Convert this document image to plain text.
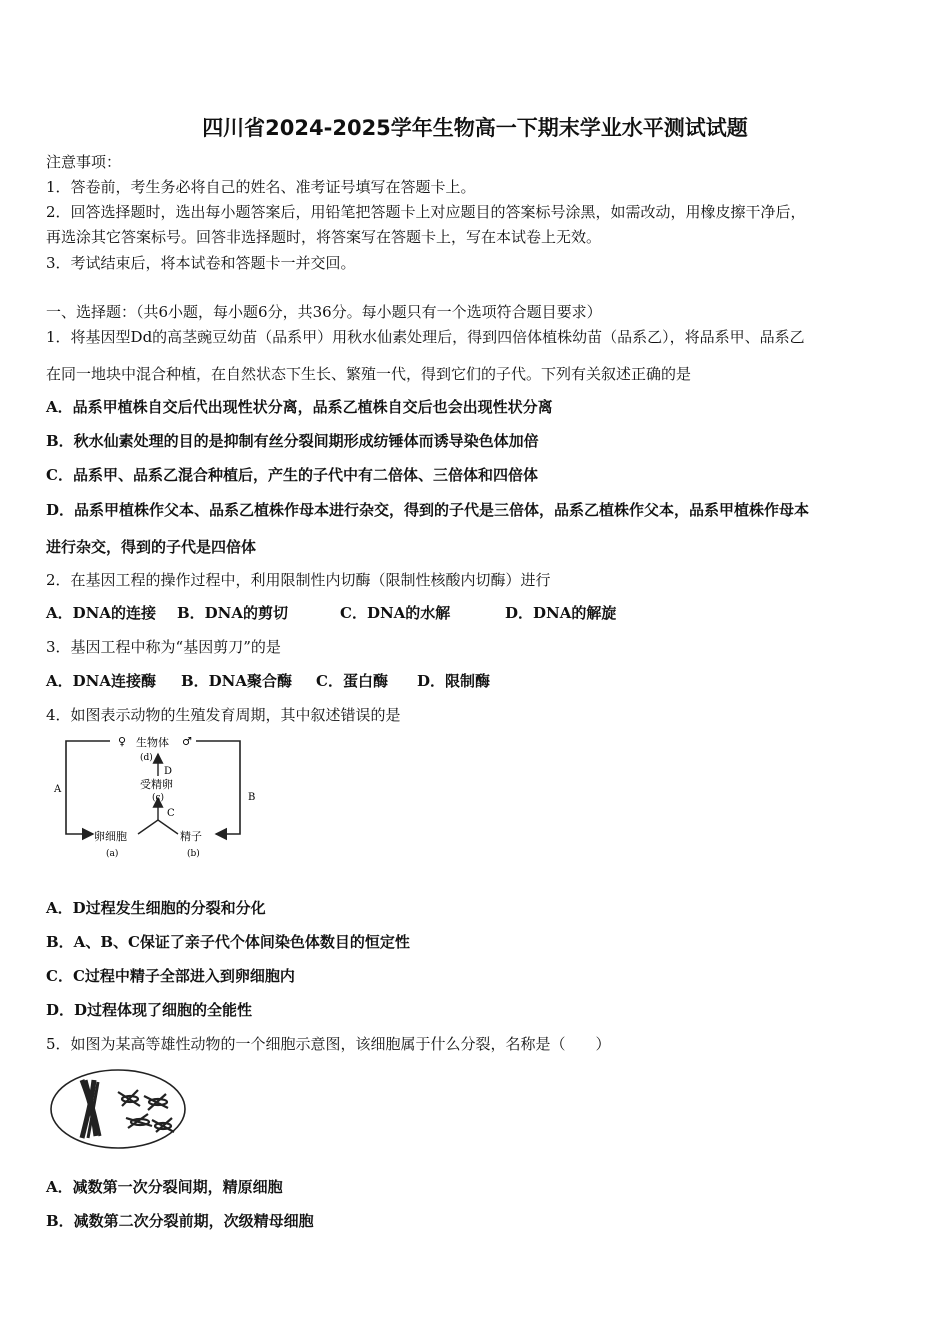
四川省2024-2025学年生物高一下期末学业水平测试试题
注意事项：
1．答卷前，考生务必将自己的姓名、准考证号填写在答题卡上。
2．回答选择题时，选出每小题答案后，用铅笔把答题卡上对应题目的答案标号涂黑，如需改动，用橡皮擦干净后，
再选涂其它答案标号。回答非选择题时，将答案写在答题卡上，写在本试卷上无效。
3．考试结束后，将本试卷和答题卡一并交回。
一、选择题：（共6小题，每小题6分，共36分。每小题只有一个选项符合题目要求）
1．将基因型Dd的高茎豌豆幼苗（品系甲）用秋水仙素处理后，得到四倍体植株幼苗（品系乙），将品系甲、品系乙
在同一地块中混合种植，在自然状态下生长、繁殖一代，得到它们的子代。下列有关叙述正确的是
A．品系甲植株自交后代出现性状分离，品系乙植株自交后也会出现性状分离
B．秋水仙素处理的目的是抑制有丝分裂间期形成纺锤体而诱导染色体加倍
C．品系甲、品系乙混合种植后，产生的子代中有二倍体、三倍体和四倍体
D．品系甲植株作父本、品系乙植株作母本进行杂交，得到的子代是三倍体，品系乙植株作父本，品系甲植株作母本
进行杂交，得到的子代是四倍体
2．在基因工程的操作过程中，利用限制性内切酶（限制性核酸内切酶）进行
A．DNA的连接 B．DNA的剪切	C．DNA的水解	D．DNA的解旋
3．基因工程中称为“基因剪刀”的是
A．DNA连接酶 B．DNA聚合酶 C．蛋白酶 D．限制酶
4．如图表示动物的生殖发育周期，其中叙述错误的是
♀ 生物体 ♂
(d)
D
受精卵
(c)
C
A
B
卵细胞
(a)
精子
(b)
A．D过程发生细胞的分裂和分化
B．A、B、C保证了亲子代个体间染色体数目的恒定性
C．C过程中精子全部进入到卵细胞内
D．D过程体现了细胞的全能性
5．如图为某高等雄性动物的一个细胞示意图，该细胞属于什么分裂，名称是（　　）
A．减数第一次分裂间期，精原细胞
B．减数第二次分裂前期，次级精母细胞
